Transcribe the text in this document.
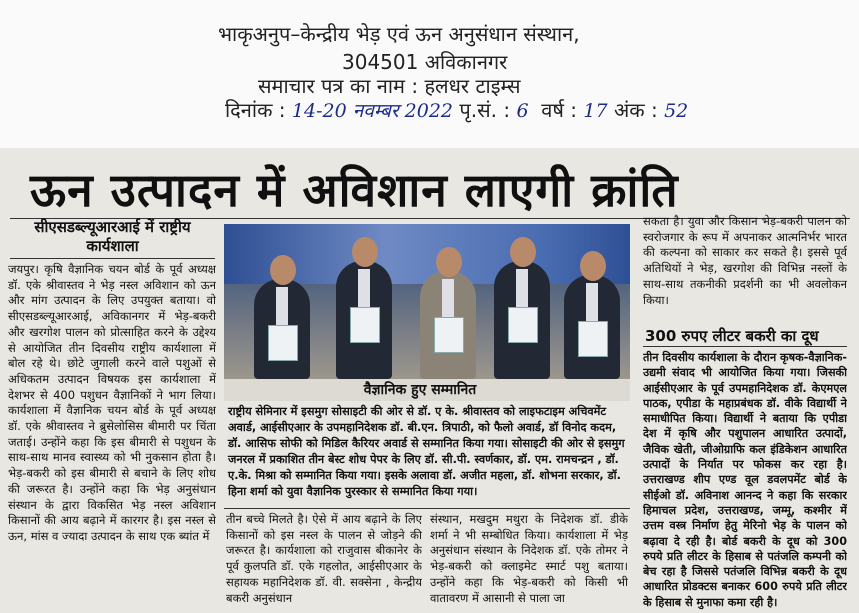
भाकृअनुप–केन्द्रीय भेड़ एवं ऊन अनुसंधान संस्थान,
304501 अविकानगर
समाचार पत्र का नाम : हलधर टाइम्स
दिनांक : 14-20 नवम्बर 2022 पृ.सं. : 6 वर्ष : 17 अंक : 52
ऊन उत्पादन में अविशान लाएगी क्रांति
सीएसडब्ल्यूआरआई में राष्ट्रीय कार्यशाला

जयपुर। कृषि वैज्ञानिक चयन बोर्ड के पूर्व अध्यक्ष डॉ. एके श्रीवास्तव ने भेड़ नस्ल अविशान को ऊन और मांग उत्पादन के लिए उपयुक्त बताया। वो सीएसडब्ल्यूआरआई, अविकानगर में भेड़-बकरी और खरगोश पालन को प्रोत्साहित करने के उद्देश्य से आयोजित तीन दिवसीय राष्ट्रीय कार्यशाला में बोल रहे थे। छोटे जुगाली करने वाले पशुओं से अधिकतम उत्पादन विषयक इस कार्यशाला में देशभर से 400 पशुधन वैज्ञानिकों ने भाग लिया। कार्यशाला में वैज्ञानिक चयन बोर्ड के पूर्व अध्यक्ष डॉ. एके श्रीवास्तव ने ब्रुसेलोसिस बीमारी पर चिंता जताई। उन्होंने कहा कि इस बीमारी से पशुधन के साथ-साथ मानव स्वास्थ्य को भी नुकसान होता है। भेड़-बकरी को इस बीमारी से बचाने के लिए शोध की जरूरत है। उन्होंने कहा कि भेड़ अनुसंधान संस्थान के द्वारा विकसित भेड़ नस्ल अविशान किसानों की आय बढ़ाने में कारगर है। इस नस्ल से ऊन, मांस व ज्यादा उत्पादन के साथ एक ब्यांत में

वैज्ञानिक हुए सम्मानित
राष्ट्रीय सेमिनार में इसमुग सोसाइटी की ओर से डॉ. ए के. श्रीवास्तव को लाइफटाइम अचिवमेंट अवार्ड, आईसीएआर के उपमहानिदेशक डॉ. बी.एन. त्रिपाठी, को फैलो अवार्ड, डॉ विनोद कदम, डॉ. आसिफ सोफी को मिडिल कैरियर अवार्ड से सम्मानित किया गया। सोसाइटी की ओर से इसमुग जनरल में प्रकाशित तीन बेस्ट शोध पेपर के लिए डॉ. सी.पी. स्वर्णकार, डॉ. एम. रामचन्द्रन , डॉ. ए.के. मिश्रा को सम्मानित किया गया। इसके अलावा डॉ. अजीत महला, डॉ. शोभना सरकार, डॉ. हिना शर्मा को युवा वैज्ञानिक पुरस्कार से सम्मानित किया गया।

तीन बच्चे मिलते है। ऐसे में आय बढ़ाने के लिए किसानों को इस नस्ल के पालन से जोड़ने की जरूरत है। कार्यशाला को राजुवास बीकानेर के पूर्व कुलपति डॉ. एके गहलोत, आईसीएआर के सहायक महानिदेशक डॉ. वी. सक्सेना , केन्द्रीय बकरी अनुसंधान

संस्थान, मखदुम मथुरा के निदेशक डॉ. डीके शर्मा ने भी सम्बोधित किया। कार्यशाला में भेड़ अनुसंधान संस्थान के निदेशक डॉ. एके तोमर ने भेड़-बकरी को क्लाइमेट स्मार्ट पशु बताया। उन्होंने कहा कि भेड़-बकरी को किसी भी वातावरण में आसानी से पाला जा

सकता है। युवा और किसान भेड़-बकरी पालन को स्वरोजगार के रूप में अपनाकर आत्मनिर्भर भारत की कल्पना को साकार कर सकते है। इससे पूर्व अतिथियों ने भेड़, खरगोश की विभिन्न नस्लों के साथ-साथ तकनीकी प्रदर्शनी का भी अवलोकन किया।

300 रुपए लीटर बकरी का दूध

तीन दिवसीय कार्यशाला के दौरान कृषक-वैज्ञानिक-उद्यमी संवाद भी आयोजित किया गया। जिसकी आईसीएआर के पूर्व उपमहानिदेशक डॉ. केएमएल पाठक, एपीडा के महाप्रबंधक डॉ. वीके विद्यार्थी ने समाधीपित किया। विद्यार्थी ने बताया कि एपीडा देश में कृषि और पशुपालन आधारित उत्पादों, जैविक खेती, जीओग्राफि कल इंडिकेशन आधारित उत्पादों के निर्यात पर फोकस कर रहा है। उत्तराखण्ड शीप एण्ड वूल डवलपमेंट बोर्ड के सीईओ डॉ. अविनाश आनन्द ने कहा कि सरकार हिमाचल प्रदेश, उत्तराखण्ड, जम्मू, कश्मीर में उत्तम वस्त्र निर्माण हेतु मेरिनो भेड़ के पालन को बढ़ावा दे रही है। बोर्ड बकरी के दूध को 300 रुपये प्रति लीटर के हिसाब से पतंजलि कम्पनी को बेच रहा है जिससे पतंजलि विभिन्न बकरी के दूध आधारित प्रोडक्टस बनाकर 600 रुपये प्रति लीटर के हिसाब से मुनाफा कमा रही है।
